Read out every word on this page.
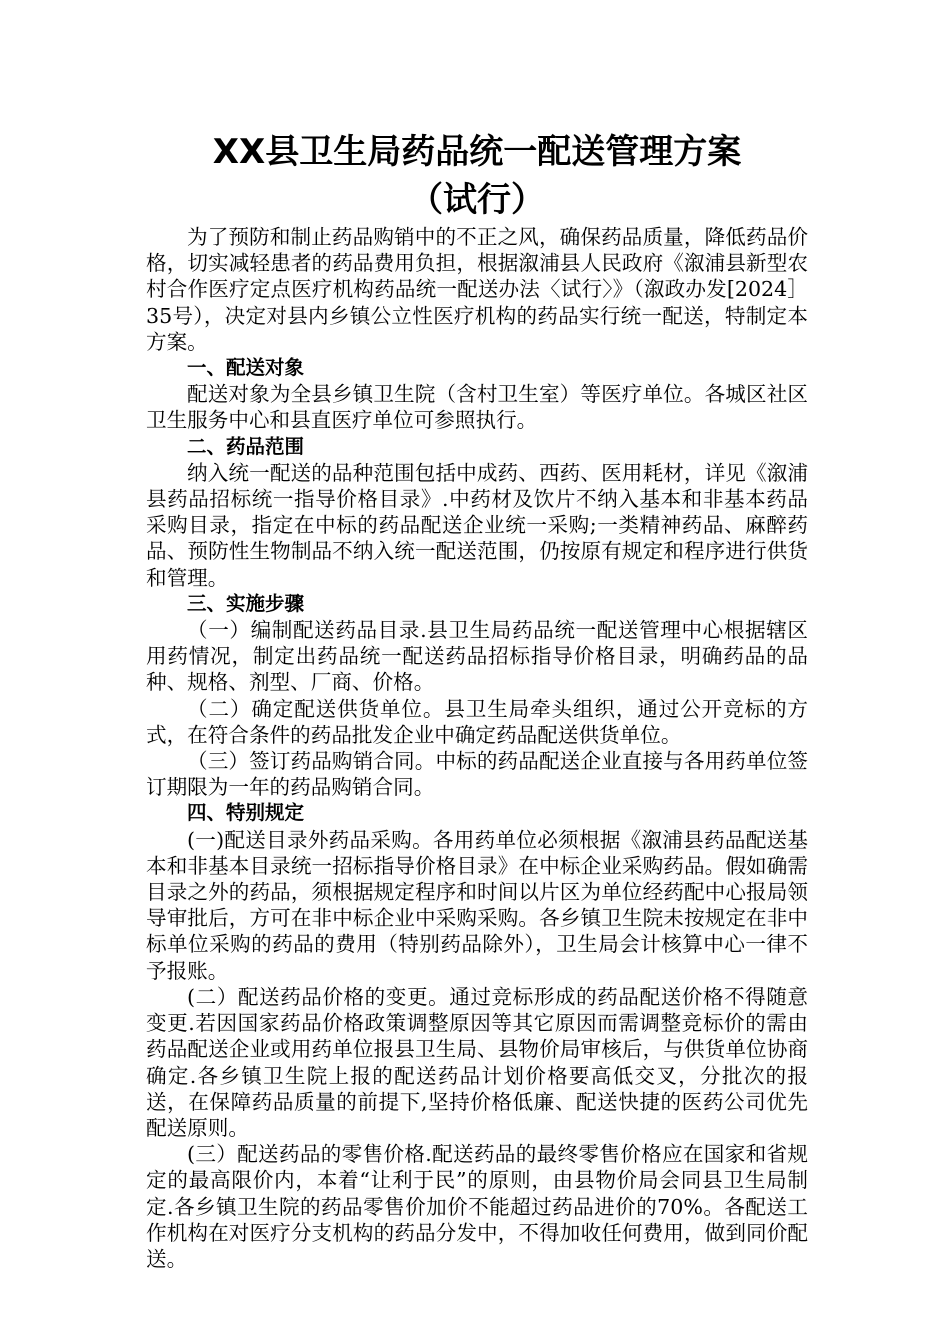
XX县卫生局药品统一配送管理方案
（试行）

为了预防和制止药品购销中的不正之风，确保药品质量，降低药品价格，切实减轻患者的药品费用负担，根据溆浦县人民政府《溆浦县新型农村合作医疗定点医疗机构药品统一配送办法〈试行〉》（溆政办发[2024］35号），决定对县内乡镇公立性医疗机构的药品实行统一配送，特制定本方案。

一、配送对象

配送对象为全县乡镇卫生院（含村卫生室）等医疗单位。各城区社区卫生服务中心和县直医疗单位可参照执行。

二、药品范围

纳入统一配送的品种范围包括中成药、西药、医用耗材，详见《溆浦县药品招标统一指导价格目录》.中药材及饮片不纳入基本和非基本药品采购目录，指定在中标的药品配送企业统一采购;一类精神药品、麻醉药品、预防性生物制品不纳入统一配送范围，仍按原有规定和程序进行供货和管理。

三、实施步骤

（一）编制配送药品目录.县卫生局药品统一配送管理中心根据辖区用药情况，制定出药品统一配送药品招标指导价格目录，明确药品的品种、规格、剂型、厂商、价格。

（二）确定配送供货单位。县卫生局牵头组织，通过公开竞标的方式，在符合条件的药品批发企业中确定药品配送供货单位。

（三）签订药品购销合同。中标的药品配送企业直接与各用药单位签订期限为一年的药品购销合同。

四、特别规定

(一)配送目录外药品采购。各用药单位必须根据《溆浦县药品配送基本和非基本目录统一招标指导价格目录》在中标企业采购药品。假如确需目录之外的药品，须根据规定程序和时间以片区为单位经药配中心报局领导审批后，方可在非中标企业中采购采购。各乡镇卫生院未按规定在非中标单位采购的药品的费用（特别药品除外），卫生局会计核算中心一律不予报账。

(二）配送药品价格的变更。通过竞标形成的药品配送价格不得随意变更.若因国家药品价格政策调整原因等其它原因而需调整竞标价的需由药品配送企业或用药单位报县卫生局、县物价局审核后，与供货单位协商确定.各乡镇卫生院上报的配送药品计划价格要高低交叉，分批次的报送，在保障药品质量的前提下,坚持价格低廉、配送快捷的医药公司优先配送原则。

(三）配送药品的零售价格.配送药品的最终零售价格应在国家和省规定的最高限价内，本着“让利于民”的原则，由县物价局会同县卫生局制定.各乡镇卫生院的药品零售价加价不能超过药品进价的70%。各配送工作机构在对医疗分支机构的药品分发中，不得加收任何费用，做到同价配送。
